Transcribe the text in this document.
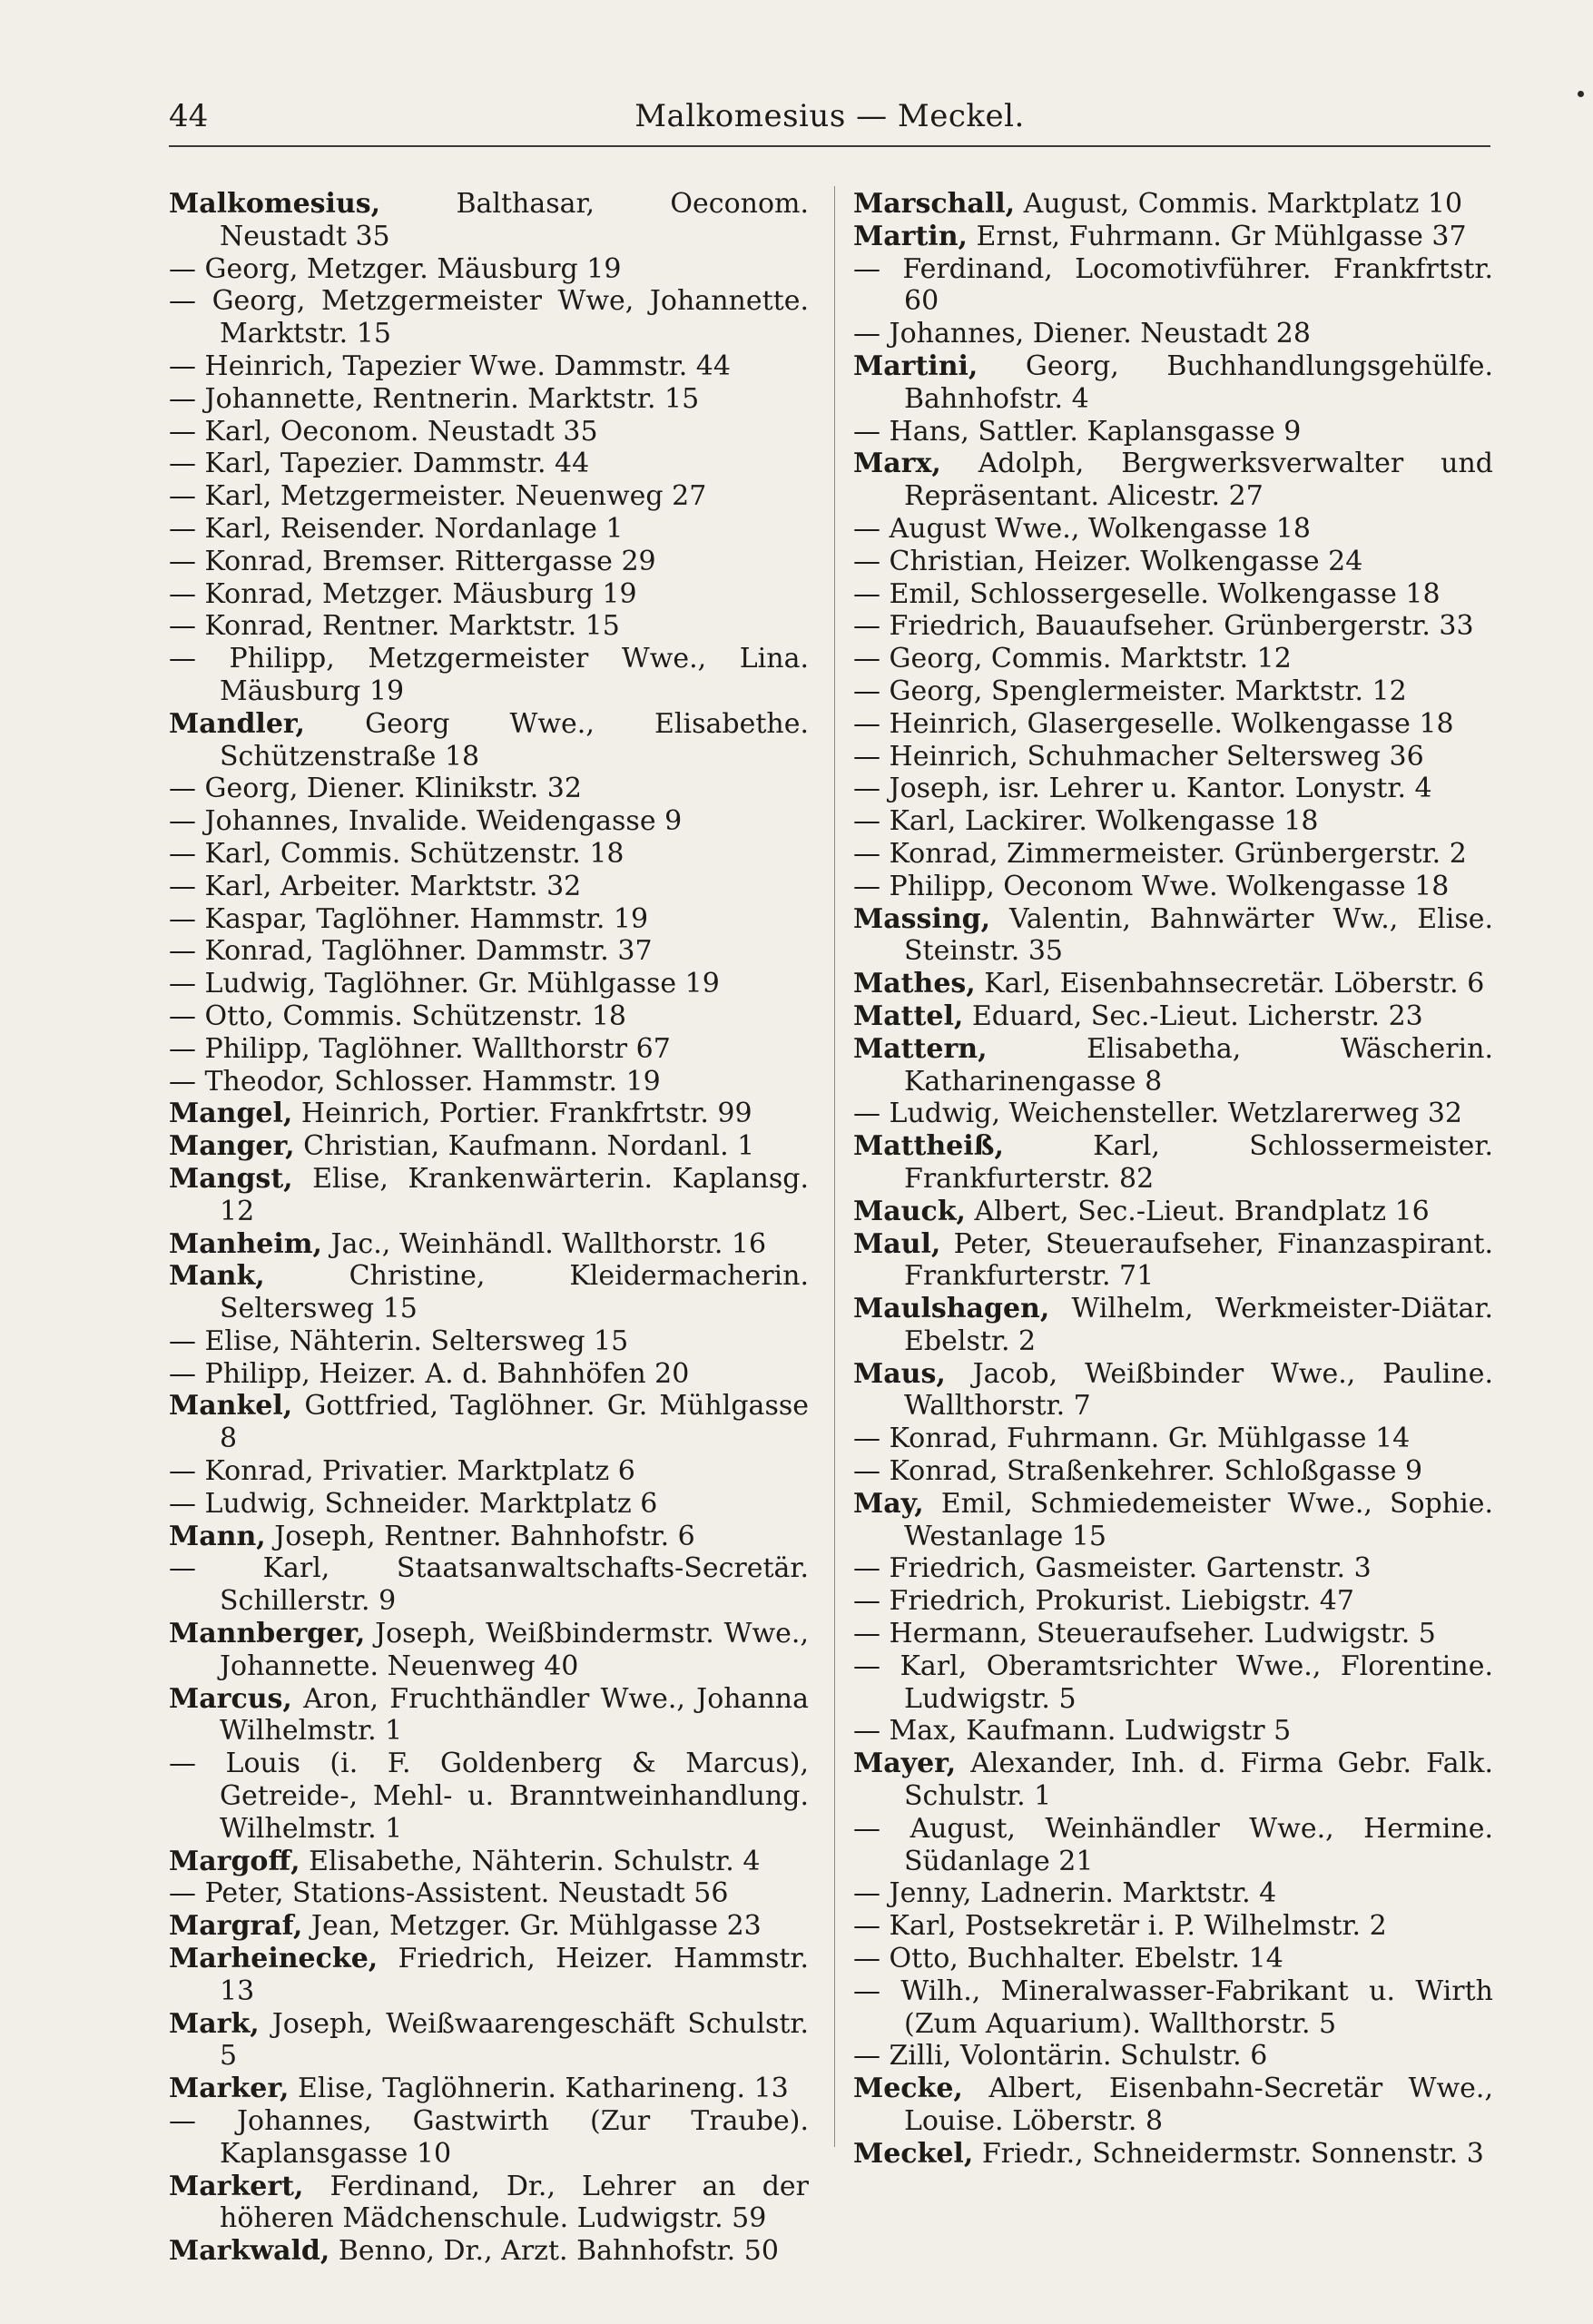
44	Malkomesius — Meckel.
Malkomesius,	Balthasar, Oeconom. Neustadt 35
— Georg, Metzger. Mäusburg 19
— Georg, Metzgermeister Wwe, Johannette. Marktstr. 15
— Heinrich, Tapezier Wwe. Dammstr. 44
— Johannette, Rentnerin. Marktstr. 15
— Karl, Oeconom. Neustadt 35
— Karl, Tapezier. Dammstr. 44
— Karl, Metzgermeister. Neuenweg 27
— Karl, Reisender. Nordanlage 1
— Konrad, Bremser. Rittergasse 29
— Konrad, Metzger. Mäusburg 19
— Konrad, Rentner. Marktstr. 15
— Philipp, Metzgermeister Wwe., Lina. Mäusburg 19
Mandler, Georg Wwe., Elisabethe. Schützenstraße 18
— Georg, Diener. Klinikstr. 32
— Johannes, Invalide. Weidengasse 9
— Karl, Commis. Schützenstr. 18
— Karl, Arbeiter. Marktstr. 32
— Kaspar, Taglöhner. Hammstr. 19
— Konrad, Taglöhner. Dammstr. 37
— Ludwig, Taglöhner. Gr. Mühlgasse 19
— Otto, Commis. Schützenstr. 18
— Philipp, Taglöhner. Wallthorstr 67
— Theodor, Schlosser. Hammstr. 19
Mangel, Heinrich, Portier. Frankfrtstr. 99
Manger, Christian, Kaufmann. Nordanl. 1
Mangst, Elise, Krankenwärterin. Kaplansg. 12
Manheim, Jac., Weinhändl. Wallthorstr. 16
Mank,	Christine, Kleidermacherin. Seltersweg 15
— Elise, Nähterin. Seltersweg 15
— Philipp, Heizer. A. d. Bahnhöfen 20
Mankel, Gottfried, Taglöhner. Gr. Mühlgasse 8
— Konrad, Privatier. Marktplatz 6
— Ludwig, Schneider. Marktplatz 6
Mann, Joseph, Rentner. Bahnhofstr. 6
— Karl, Staatsanwaltschafts-Secretär. Schillerstr. 9
Mannberger, Joseph, Weißbindermstr. Wwe., Johannette. Neuenweg 40
Marcus, Aron, Fruchthändler Wwe., Johanna Wilhelmstr. 1
— Louis (i. F. Goldenberg & Marcus), Getreide-, Mehl- u. Branntweinhandlung. Wilhelmstr. 1
Margoff, Elisabethe, Nähterin. Schulstr. 4
— Peter, Stations-Assistent. Neustadt 56
Margraf, Jean, Metzger. Gr. Mühlgasse 23
Marheinecke, Friedrich, Heizer. Hammstr. 13
Mark, Joseph, Weißwaarengeschäft Schulstr. 5
Marker, Elise, Taglöhnerin. Katharineng. 13
— Johannes, Gastwirth (Zur Traube). Kaplansgasse 10
Markert, Ferdinand, Dr., Lehrer an der höheren Mädchenschule. Ludwigstr. 59
Markwald, Benno, Dr., Arzt. Bahnhofstr. 50
Marschall, August, Commis. Marktplatz 10
Martin, Ernst, Fuhrmann. Gr Mühlgasse 37
— Ferdinand, Locomotivführer. Frankfrtstr. 60
— Johannes, Diener. Neustadt 28
Martini, Georg, Buchhandlungsgehülfe. Bahnhofstr. 4
— Hans, Sattler. Kaplansgasse 9
Marx, Adolph, Bergwerksverwalter und Repräsentant. Alicestr. 27
— August Wwe., Wolkengasse 18
— Christian, Heizer. Wolkengasse 24
— Emil, Schlossergeselle. Wolkengasse 18
— Friedrich, Bauaufseher. Grünbergerstr. 33
— Georg, Commis. Marktstr. 12
— Georg, Spenglermeister. Marktstr. 12
— Heinrich, Glasergeselle. Wolkengasse 18
— Heinrich, Schuhmacher Seltersweg 36
— Joseph, isr. Lehrer u. Kantor. Lonystr. 4
— Karl, Lackirer. Wolkengasse 18
— Konrad, Zimmermeister. Grünbergerstr. 2
— Philipp, Oeconom Wwe. Wolkengasse 18
Massing, Valentin, Bahnwärter Ww., Elise. Steinstr. 35
Mathes, Karl, Eisenbahnsecretär. Löberstr. 6
Mattel, Eduard, Sec.-Lieut. Licherstr. 23
Mattern,	Elisabetha, Wäscherin. Katharinengasse 8
— Ludwig, Weichensteller. Wetzlarerweg 32
Mattheiß,	Karl, Schlossermeister. Frankfurterstr. 82
Mauck, Albert, Sec.-Lieut. Brandplatz 16
Maul, Peter, Steueraufseher, Finanzaspirant. Frankfurterstr. 71
Maulshagen, Wilhelm, Werkmeister-Diätar. Ebelstr. 2
Maus, Jacob, Weißbinder Wwe., Pauline. Wallthorstr. 7
— Konrad, Fuhrmann. Gr. Mühlgasse 14
— Konrad, Straßenkehrer. Schloßgasse 9
May, Emil, Schmiedemeister Wwe., Sophie. Westanlage 15
— Friedrich, Gasmeister. Gartenstr. 3
— Friedrich, Prokurist. Liebigstr. 47
— Hermann, Steueraufseher. Ludwigstr. 5
— Karl, Oberamtsrichter Wwe., Florentine. Ludwigstr. 5
— Max, Kaufmann. Ludwigstr 5
Mayer, Alexander, Inh. d. Firma Gebr. Falk. Schulstr. 1
— August, Weinhändler Wwe., Hermine. Südanlage 21
— Jenny, Ladnerin. Marktstr. 4
— Karl, Postsekretär i. P. Wilhelmstr. 2
— Otto, Buchhalter. Ebelstr. 14
— Wilh., Mineralwasser-Fabrikant u. Wirth (Zum Aquarium). Wallthorstr. 5
— Zilli, Volontärin. Schulstr. 6
Mecke, Albert, Eisenbahn-Secretär Wwe., Louise. Löberstr. 8
Meckel, Friedr., Schneidermstr. Sonnenstr. 3
